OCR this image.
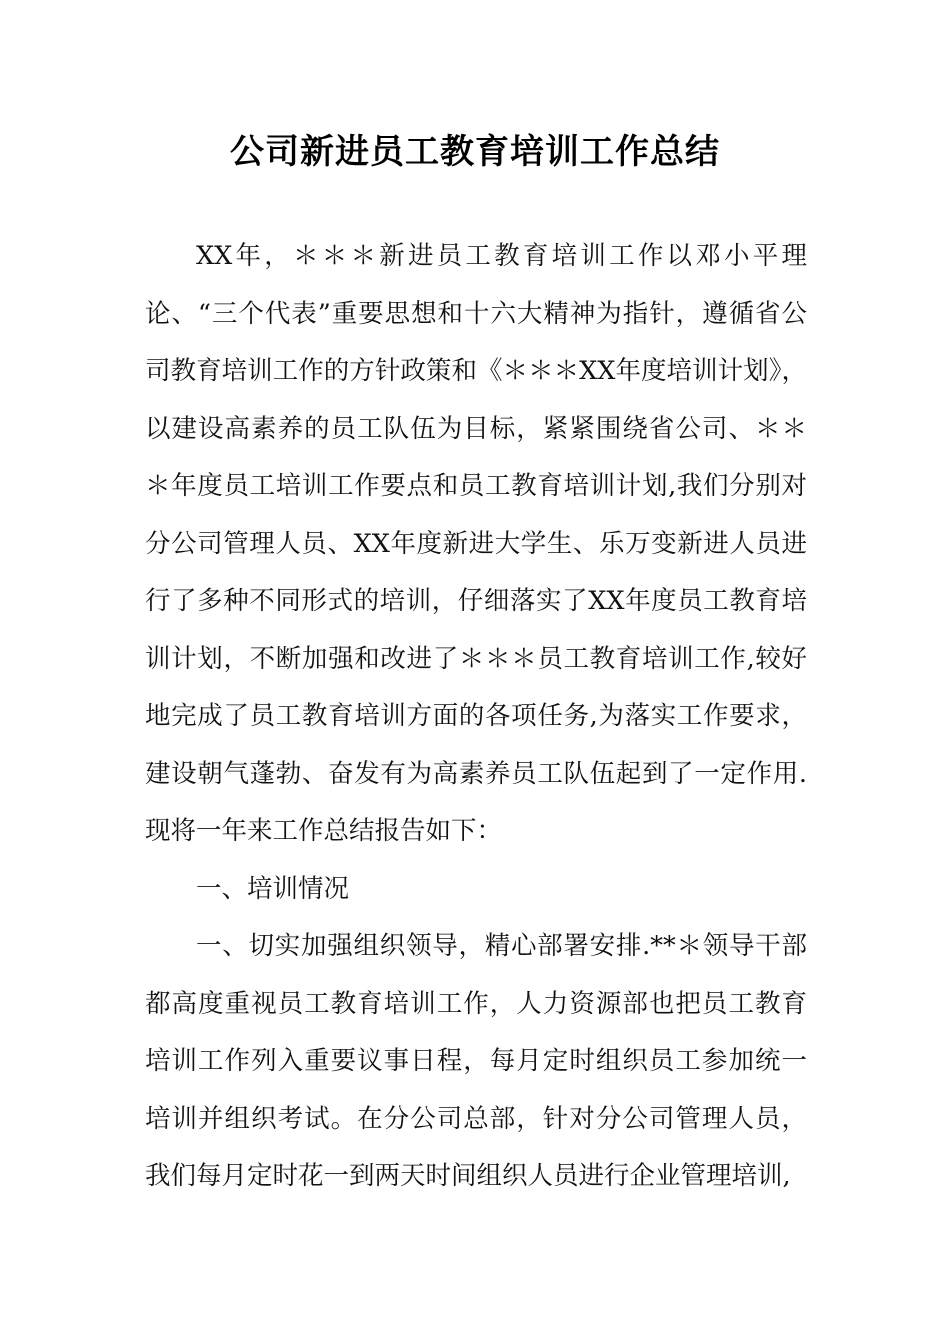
公司新进员工教育培训工作总结

XX年，＊＊＊新进员工教育培训工作以邓小平理论、“三个代表”重要思想和十六大精神为指针，遵循省公司教育培训工作的方针政策和《＊＊＊XX年度培训计划》，以建设高素养的员工队伍为目标，紧紧围绕省公司、＊＊＊年度员工培训工作要点和员工教育培训计划,我们分别对分公司管理人员、XX年度新进大学生、乐万变新进人员进行了多种不同形式的培训，仔细落实了XX年度员工教育培训计划，不断加强和改进了＊＊＊员工教育培训工作,较好地完成了员工教育培训方面的各项任务,为落实工作要求，建设朝气蓬勃、奋发有为高素养员工队伍起到了一定作用.现将一年来工作总结报告如下：

一、培训情况

一、切实加强组织领导，精心部署安排.**＊领导干部都高度重视员工教育培训工作，人力资源部也把员工教育培训工作列入重要议事日程，每月定时组织员工参加统一培训并组织考试。在分公司总部，针对分公司管理人员，我们每月定时花一到两天时间组织人员进行企业管理培训,
